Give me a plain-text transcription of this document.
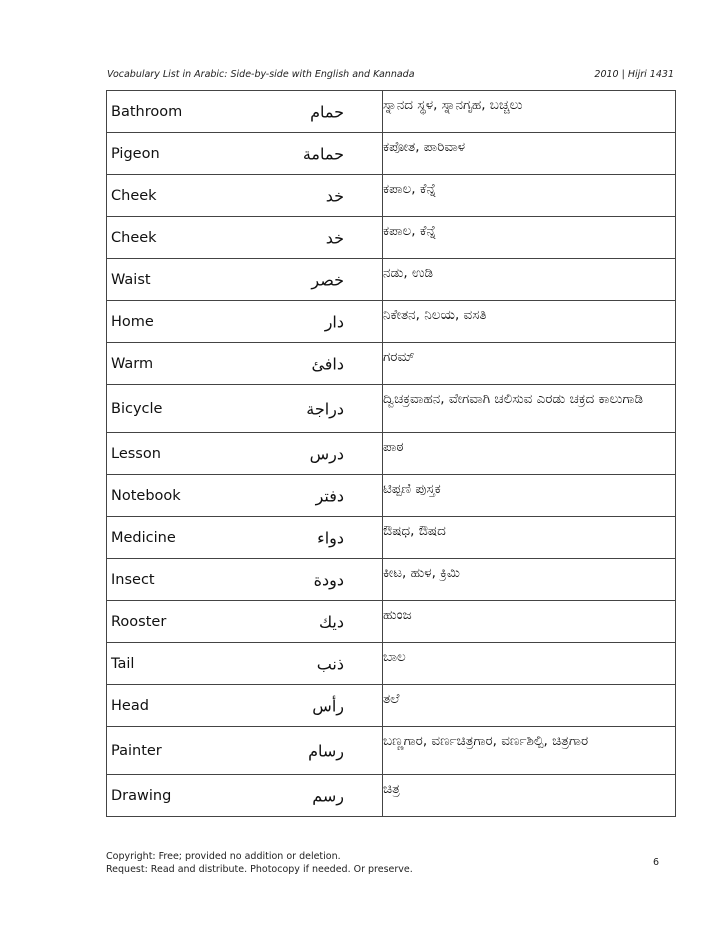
Vocabulary List in Arabic: Side-by-side with English and Kannada	2010 | Hijri 1431
Bathroom	حمام	ಸ್ನಾನದ ಸ್ಥಳ, ಸ್ನಾನಗೃಹ, ಬಚ್ಚಲು

Pigeon	حمامة	ಕಪೋತ, ಪಾರಿವಾಳ

Cheek	خد	ಕಪಾಲ, ಕೆನ್ನೆ

Cheek	خد	ಕಪಾಲ, ಕೆನ್ನೆ

Waist	خصر	ನಡು, ಉಡಿ

Home	دار	ನಿಕೇತನ, ನಿಲಯ, ವಸತಿ

Warm	دافئ	ಗರಮ್

Bicycle	دراجة	ದ್ವಿಚಕ್ರವಾಹನ, ವೇಗವಾಗಿ ಚಲಿಸುವ ಎರಡು ಚಕ್ರದ ಕಾಲುಗಾಡಿ

Lesson	درس	ಪಾಠ

Notebook	دفتر	ಟಿಪ್ಪಣಿ ಪುಸ್ತಕ

Medicine	دواء	ಔಷಧ, ಔಷದ

Insect	دودة	ಕೀಟ, ಹುಳ, ಕ್ರಿಮಿ

Rooster	ديك	ಹುಂಜ

Tail	ذنب	ಬಾಲ

Head	رأس	ತಲೆ

Painter	رسام	ಬಣ್ಣಗಾರ, ವರ್ಣಚಿತ್ರಗಾರ, ವರ್ಣಶಿಲ್ಪಿ, ಚಿತ್ರಗಾರ

Drawing	رسم	ಚಿತ್ರ
Copyright: Free; provided no addition or deletion.
Request: Read and distribute. Photocopy if needed. Or preserve.
6
